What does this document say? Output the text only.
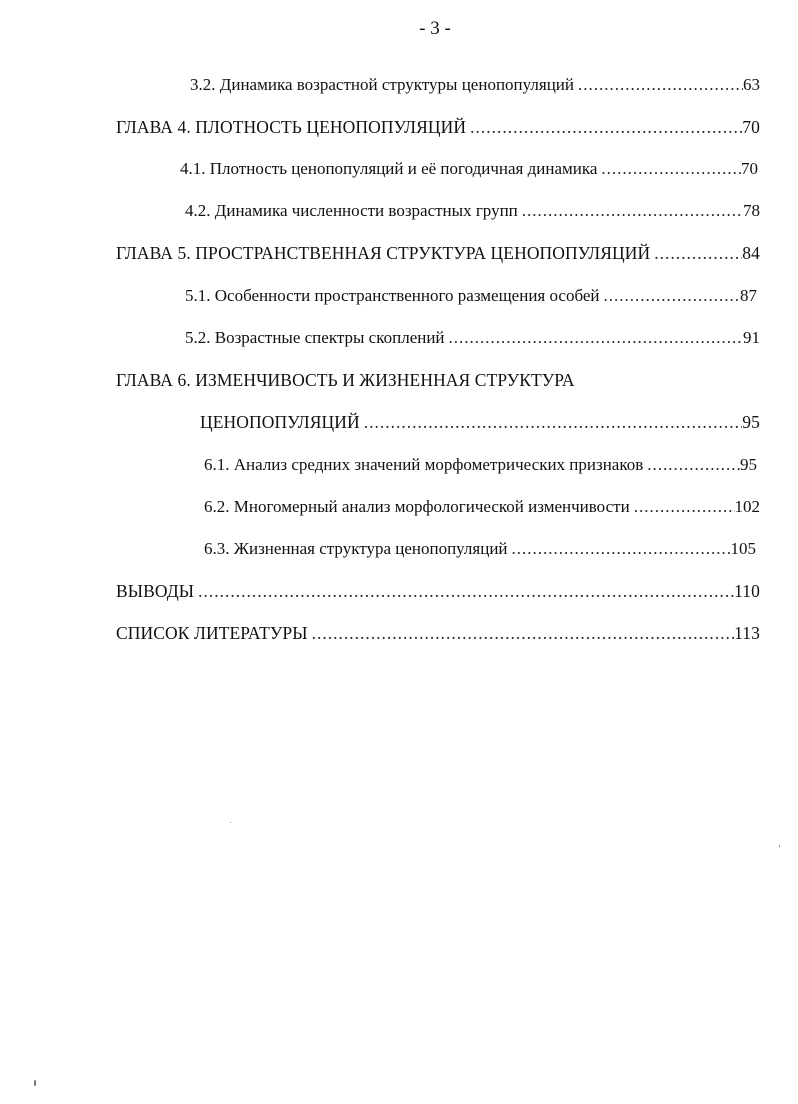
- 3 -
3.2. Динамика возрастной структуры ценопопуляций .....	63
ГЛАВА 4. ПЛОТНОСТЬ ЦЕНОПОПУЛЯЦИЙ .....	70
4.1. Плотность ценопопуляций и её погодичная динамика .....	70
4.2. Динамика численности возрастных групп .....	78
ГЛАВА 5. ПРОСТРАНСТВЕННАЯ СТРУКТУРА ЦЕНОПОПУЛЯЦИЙ .....	84
5.1. Особенности пространственного размещения особей .....	87
5.2. Возрастные спектры скоплений .....	91
ГЛАВА 6. ИЗМЕНЧИВОСТЬ И ЖИЗНЕННАЯ СТРУКТУРА
ЦЕНОПОПУЛЯЦИЙ .....	95
6.1. Анализ средних значений морфометрических признаков .....	95
6.2. Многомерный анализ морфологической изменчивости .....	102
6.3. Жизненная структура ценопопуляций .....	105
ВЫВОДЫ .....	110
СПИСОК ЛИТЕРАТУРЫ .....	113
